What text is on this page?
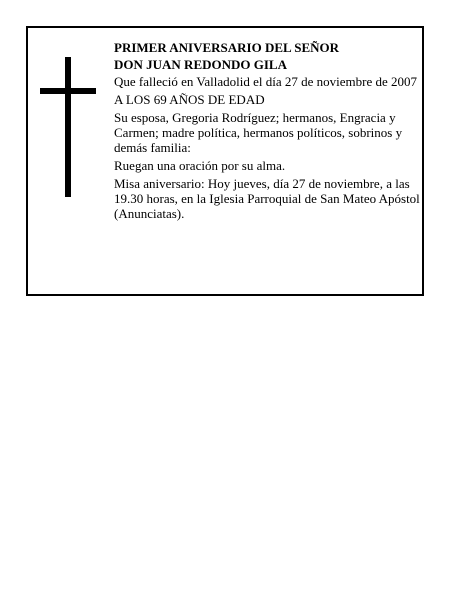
PRIMER ANIVERSARIO DEL SEÑOR

DON JUAN REDONDO GILA

Que falleció en Valladolid el día 27 de noviembre de 2007

A LOS 69 AÑOS DE EDAD

Su esposa, Gregoria Rodríguez; hermanos, Engracia y Carmen; madre política, hermanos políticos, sobrinos y demás familia:

Ruegan una oración por su alma.

Misa aniversario: Hoy jueves, día 27 de noviembre, a las 19.30 horas, en la Iglesia Parroquial de San Mateo Apóstol (Anunciatas).
